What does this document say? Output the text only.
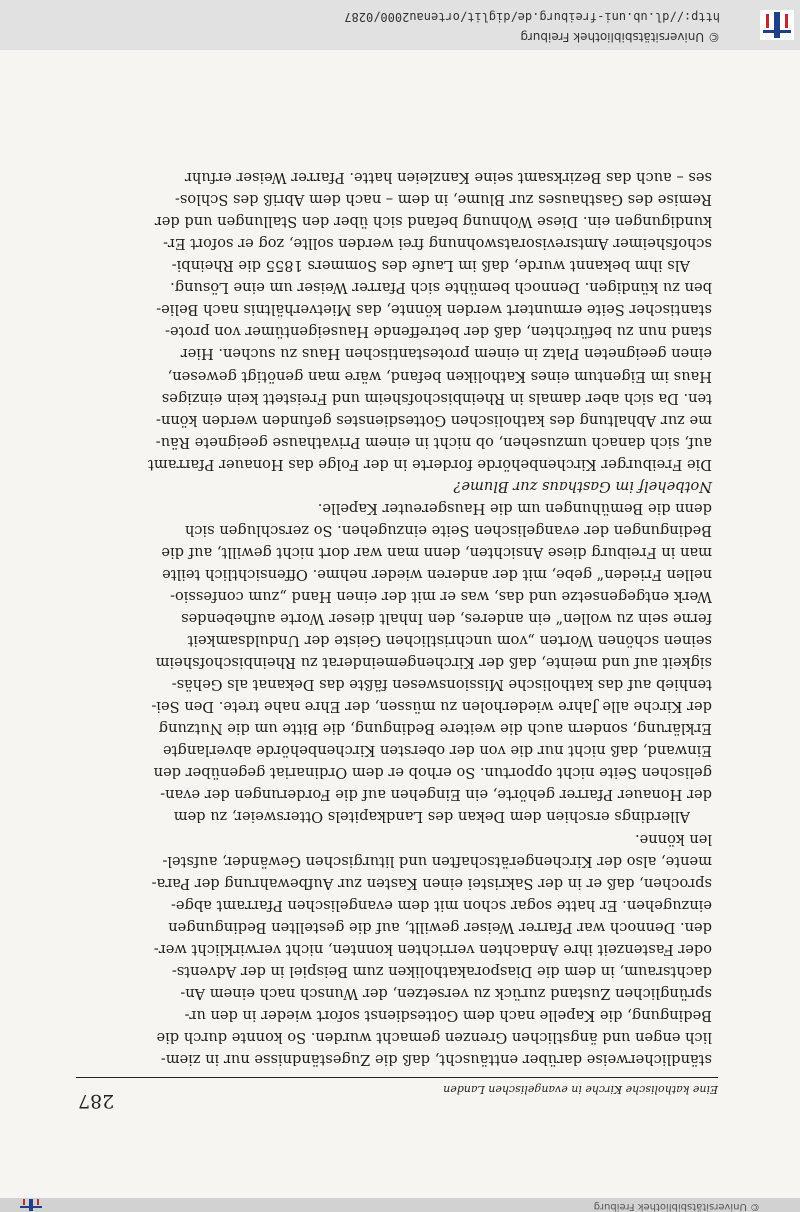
© Universitätsbibliothek Freiburg
Eine katholische Kirche in evangelischen Landen
287

ständlicherweise darüber enttäuscht, daß die Zugeständnisse nur in ziem-

lich engen und ängstlichen Grenzen gemacht wurden. So konnte durch die

Bedingung, die Kapelle nach dem Gottesdienst sofort wieder in den ur-

sprünglichen Zustand zurück zu versetzen, der Wunsch nach einem An-

dachtsraum, in dem die Diasporakatholiken zum Beispiel in der Advents-

oder Fastenzeit ihre Andachten verrichten konnten, nicht verwirklicht wer-

den. Dennoch war Pfarrer Weiser gewillt, auf die gestellten Bedingungen

einzugehen. Er hatte sogar schon mit dem evangelischen Pfarramt abge-

sprochen, daß er in der Sakristei einen Kasten zur Aufbewahrung der Para-

mente, also der Kirchengerätschaften und liturgischen Gewänder, aufstel-

len könne.

Allerdings erschien dem Dekan des Landkapitels Ottersweier, zu dem

der Honauer Pfarrer gehörte, ein Eingehen auf die Forderungen der evan-

gelischen Seite nicht opportun. So erhob er dem Ordinariat gegenüber den

Einwand, daß nicht nur die von der obersten Kirchenbehörde abverlangte

Erklärung, sondern auch die weitere Bedingung, die Bitte um die Nutzung

der Kirche alle Jahre wiederholen zu müssen, der Ehre nahe trete. Den Sei-

tenhieb auf das katholische Missionswesen fäßte das Dekanat als Gehäs-

sigkeit auf und meinte, daß der Kirchengemeinderat zu Rheinbischofsheim

seinen schönen Worten „vom unchristlichen Geiste der Unduldsamkeit

ferne sein zu wollen“ ein anderes, den Inhalt dieser Worte aufhebendes

Werk entgegensetze und das, was er mit der einen Hand „zum confessio-

nellen Frieden“ gebe, mit der anderen wieder nehme. Offensichtlich teilte

man in Freiburg diese Ansichten, denn man war dort nicht gewillt, auf die

Bedingungen der evangelischen Seite einzugehen. So zerschlugen sich

denn die Bemühungen um die Hausgereuter Kapelle.

Notbehelf im Gasthaus zur Blume?

Die Freiburger Kirchenbehörde forderte in der Folge das Honauer Pfarramt

auf, sich danach umzusehen, ob nicht in einem Privathause geeignete Räu-

me zur Abhaltung des katholischen Gottesdienstes gefunden werden könn-

ten. Da sich aber damals in Rheinbischofsheim und Freistett kein einziges

Haus im Eigentum eines Katholiken befand, wäre man genötigt gewesen,

einen geeigneten Platz in einem protestantischen Haus zu suchen. Hier

stand nun zu befürchten, daß der betreffende Hauseigentümer von prote-

stantischer Seite ermuntert werden könnte, das Mietverhältnis nach Belie-

ben zu kündigen. Dennoch bemühte sich Pfarrer Weiser um eine Lösung.

Als ihm bekannt wurde, daß im Laufe des Sommers 1855 die Rheinbi-

schofsheimer Amtsrevisoratswohnung frei werden sollte, zog er sofort Er-

kundigungen ein. Diese Wohnung befand sich über den Stallungen und der

Remise des Gasthauses zur Blume, in dem – nach dem Abriß des Schlos-

ses – auch das Bezirksamt seine Kanzleien hatte. Pfarrer Weiser erfuhr

© Universitätsbibliothek Freiburg
http://dl.ub.uni-freiburg.de/diglit/ortenau2000/0287
